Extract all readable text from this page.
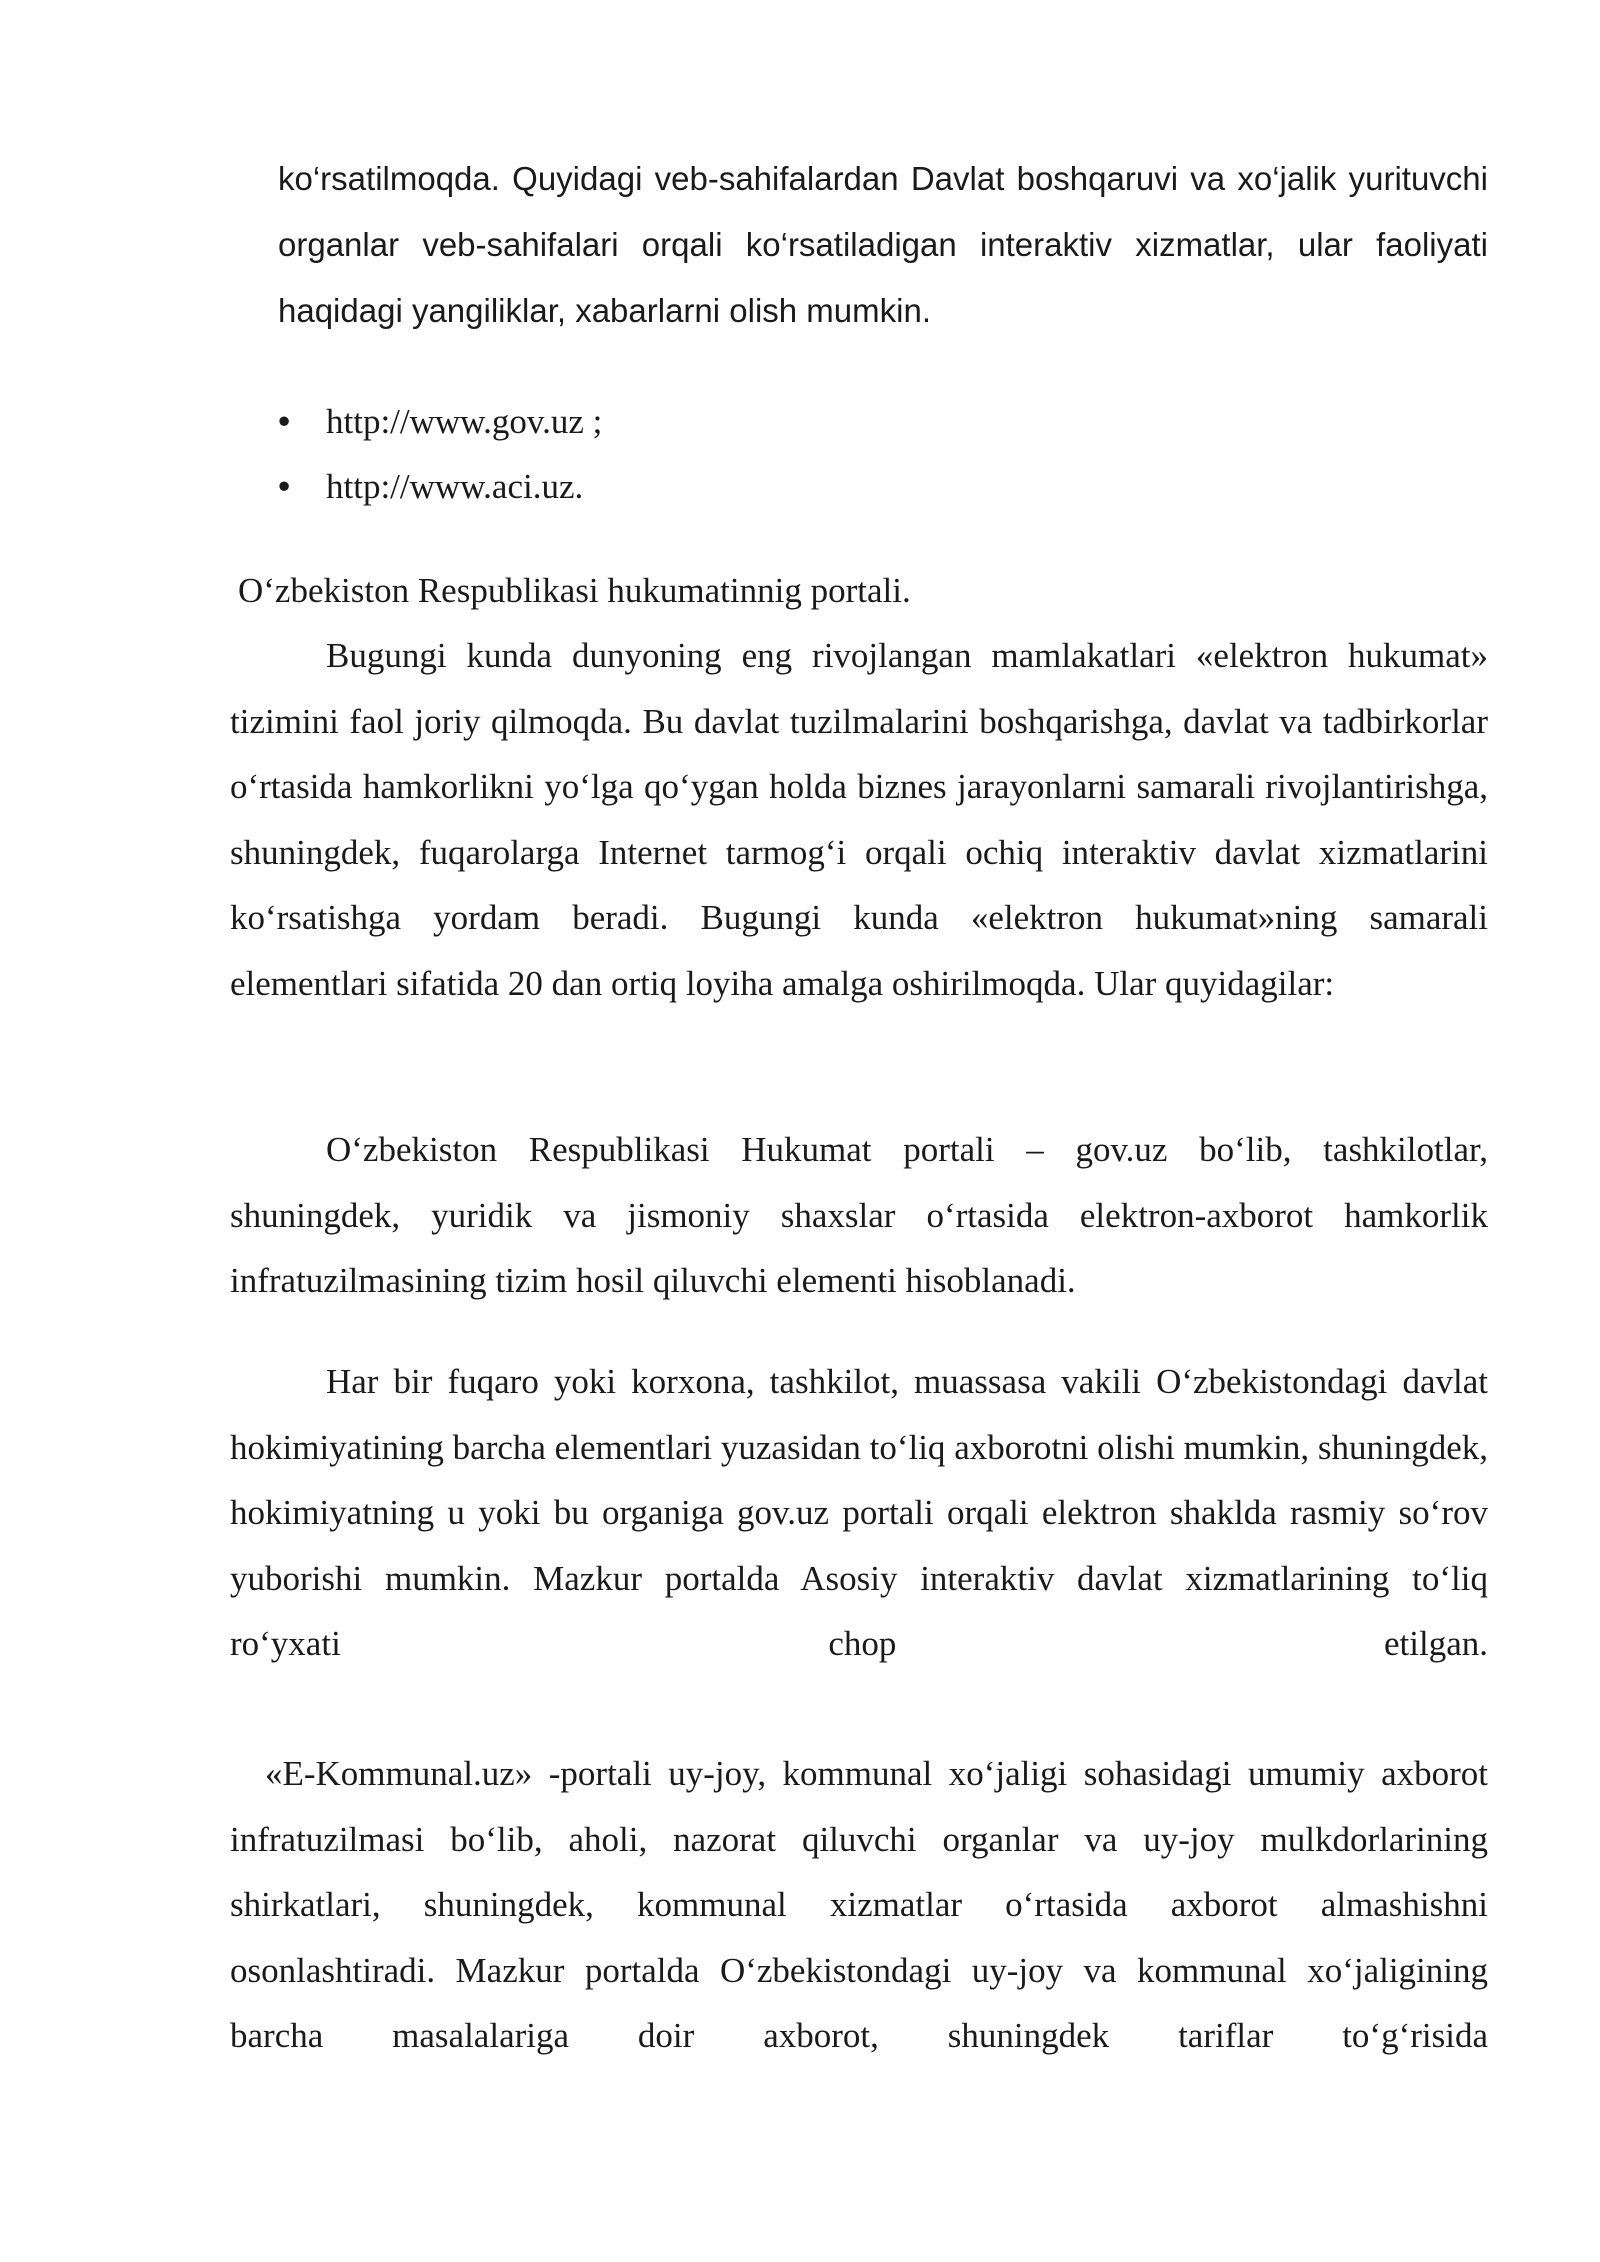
ko‘rsatilmoqda. Quyidagi veb-sahifalardan Davlat boshqaruvi va xo‘jalik yurituvchi organlar veb-sahifalari orqali ko‘rsatiladigan interaktiv xizmatlar, ular faoliyati haqidagi yangiliklar, xabarlarni olish mumkin.

• http://www.gov.uz ;
• http://www.aci.uz.

O‘zbekiston Respublikasi hukumatinnig portali.

Bugungi kunda dunyoning eng rivojlangan mamlakatlari «elektron hukumat» tizimini faol joriy qilmoqda. Bu davlat tuzilmalarini boshqarishga, davlat va tadbirkorlar o‘rtasida hamkorlikni yo‘lga qo‘ygan holda biznes jarayonlarni samarali rivojlantirishga, shuningdek, fuqarolarga Internet tarmog‘i orqali ochiq interaktiv davlat xizmatlarini ko‘rsatishga yordam beradi. Bugungi kunda «elektron hukumat»ning samarali elementlari sifatida 20 dan ortiq loyiha amalga oshirilmoqda. Ular quyidagilar:

O‘zbekiston Respublikasi Hukumat portali – gov.uz bo‘lib, tashkilotlar, shuningdek, yuridik va jismoniy shaxslar o‘rtasida elektron-axborot hamkorlik infratuzilmasining tizim hosil qiluvchi elementi hisoblanadi.

Har bir fuqaro yoki korxona, tashkilot, muassasa vakili O‘zbekistondagi davlat hokimiyatining barcha elementlari yuzasidan to‘liq axborotni olishi mumkin, shuningdek, hokimiyatning u yoki bu organiga gov.uz portali orqali elektron shaklda rasmiy so‘rov yuborishi mumkin. Mazkur portalda Asosiy interaktiv davlat xizmatlarining to‘liq ro‘yxati chop etilgan.

«E-Kommunal.uz» -portali uy-joy, kommunal xo‘jaligi sohasidagi umumiy axborot infratuzilmasi bo‘lib, aholi, nazorat qiluvchi organlar va uy-joy mulkdorlarining shirkatlari, shuningdek, kommunal xizmatlar o‘rtasida axborot almashishni osonlashtiradi. Mazkur portalda O‘zbekistondagi uy-joy va kommunal xo‘jaligining barcha masalalariga doir axborot, shuningdek tariflar to‘g‘risida
